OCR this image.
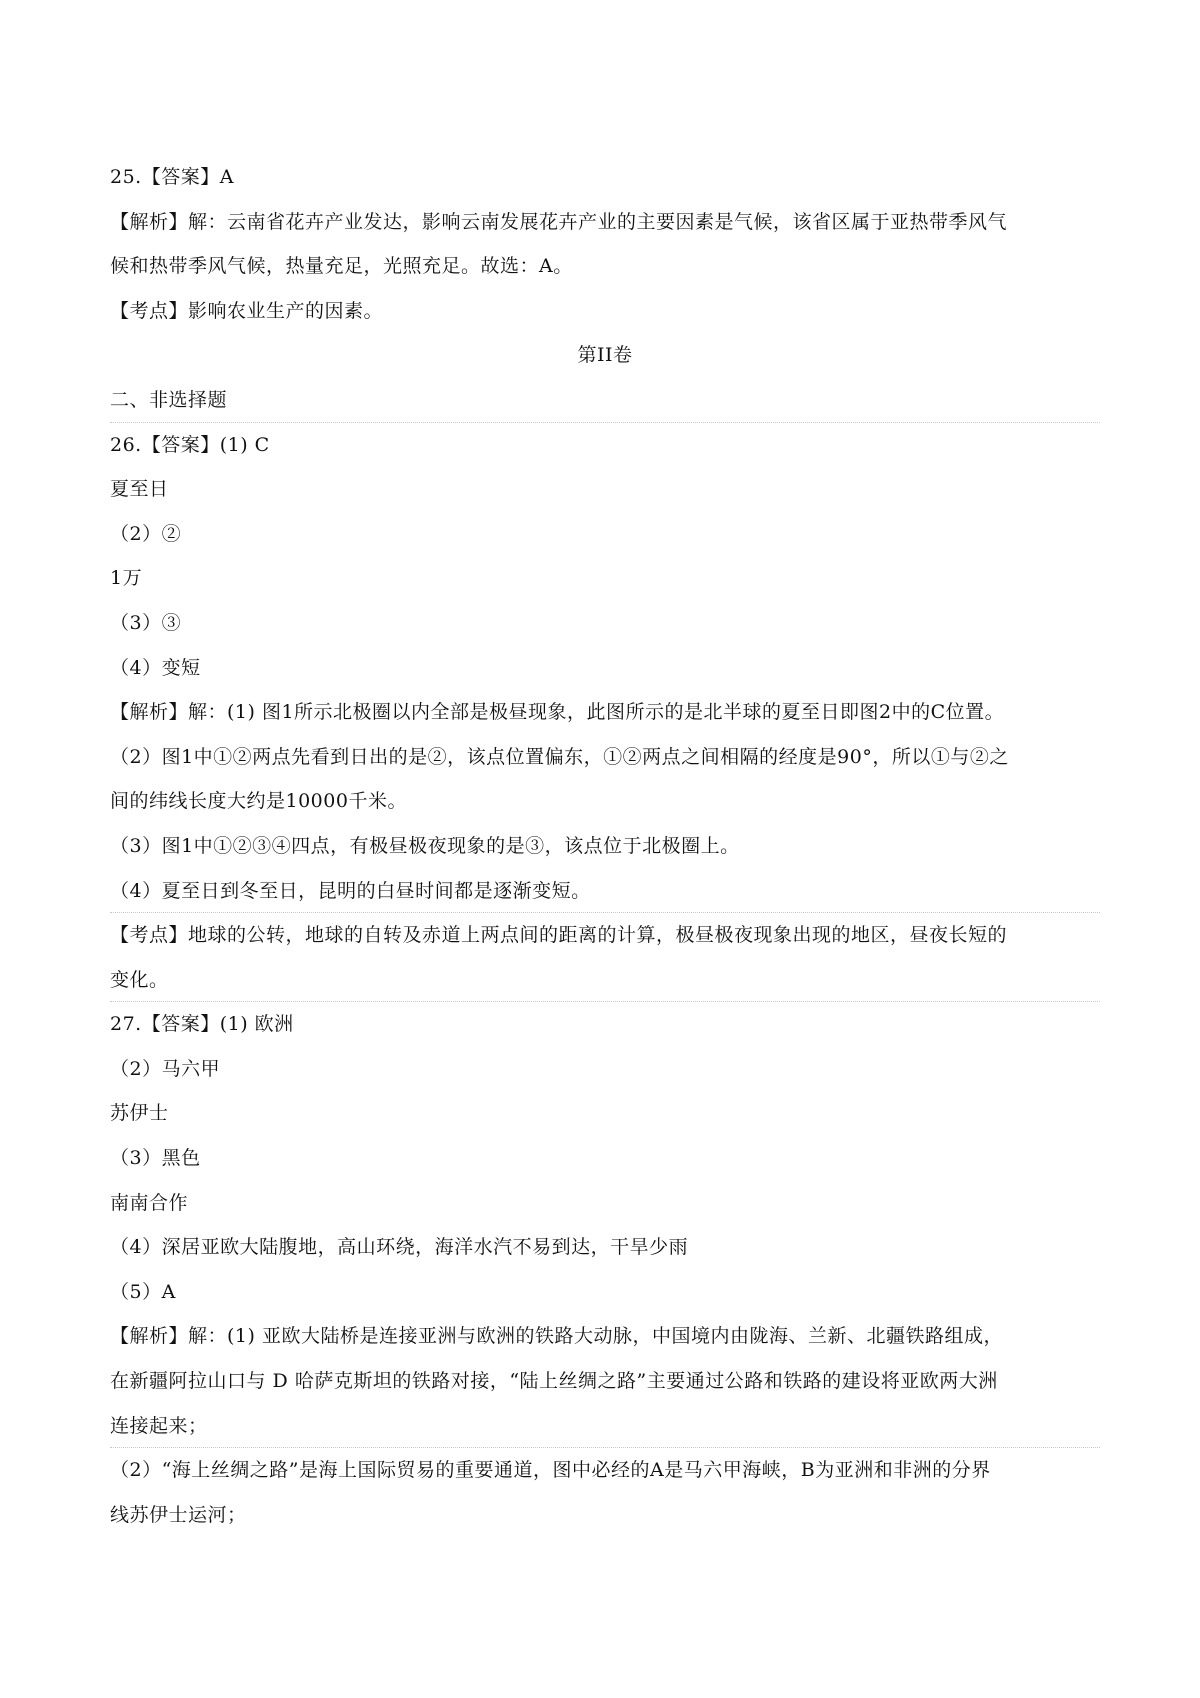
25.【答案】A
【解析】解：云南省花卉产业发达，影响云南发展花卉产业的主要因素是气候，该省区属于亚热带季风气
候和热带季风气候，热量充足，光照充足。故选：A。
【考点】影响农业生产的因素。
第II卷
二、非选择题
26.【答案】(1) C
夏至日
（2）②
1万
（3）③
（4）变短
【解析】解：(1) 图1所示北极圈以内全部是极昼现象，此图所示的是北半球的夏至日即图2中的C位置。
（2）图1中①②两点先看到日出的是②，该点位置偏东，①②两点之间相隔的经度是90°，所以①与②之
间的纬线长度大约是10000千米。
（3）图1中①②③④四点，有极昼极夜现象的是③，该点位于北极圈上。
（4）夏至日到冬至日，昆明的白昼时间都是逐渐变短。
【考点】地球的公转，地球的自转及赤道上两点间的距离的计算，极昼极夜现象出现的地区，昼夜长短的
变化。
27.【答案】(1) 欧洲
（2）马六甲
苏伊士
（3）黑色
南南合作
（4）深居亚欧大陆腹地，高山环绕，海洋水汽不易到达，干旱少雨
（5）A
【解析】解：(1) 亚欧大陆桥是连接亚洲与欧洲的铁路大动脉，中国境内由陇海、兰新、北疆铁路组成，
在新疆阿拉山口与 D 哈萨克斯坦的铁路对接，“陆上丝绸之路”主要通过公路和铁路的建设将亚欧两大洲
连接起来；
（2）“海上丝绸之路”是海上国际贸易的重要通道，图中必经的A是马六甲海峡，B为亚洲和非洲的分界
线苏伊士运河；
